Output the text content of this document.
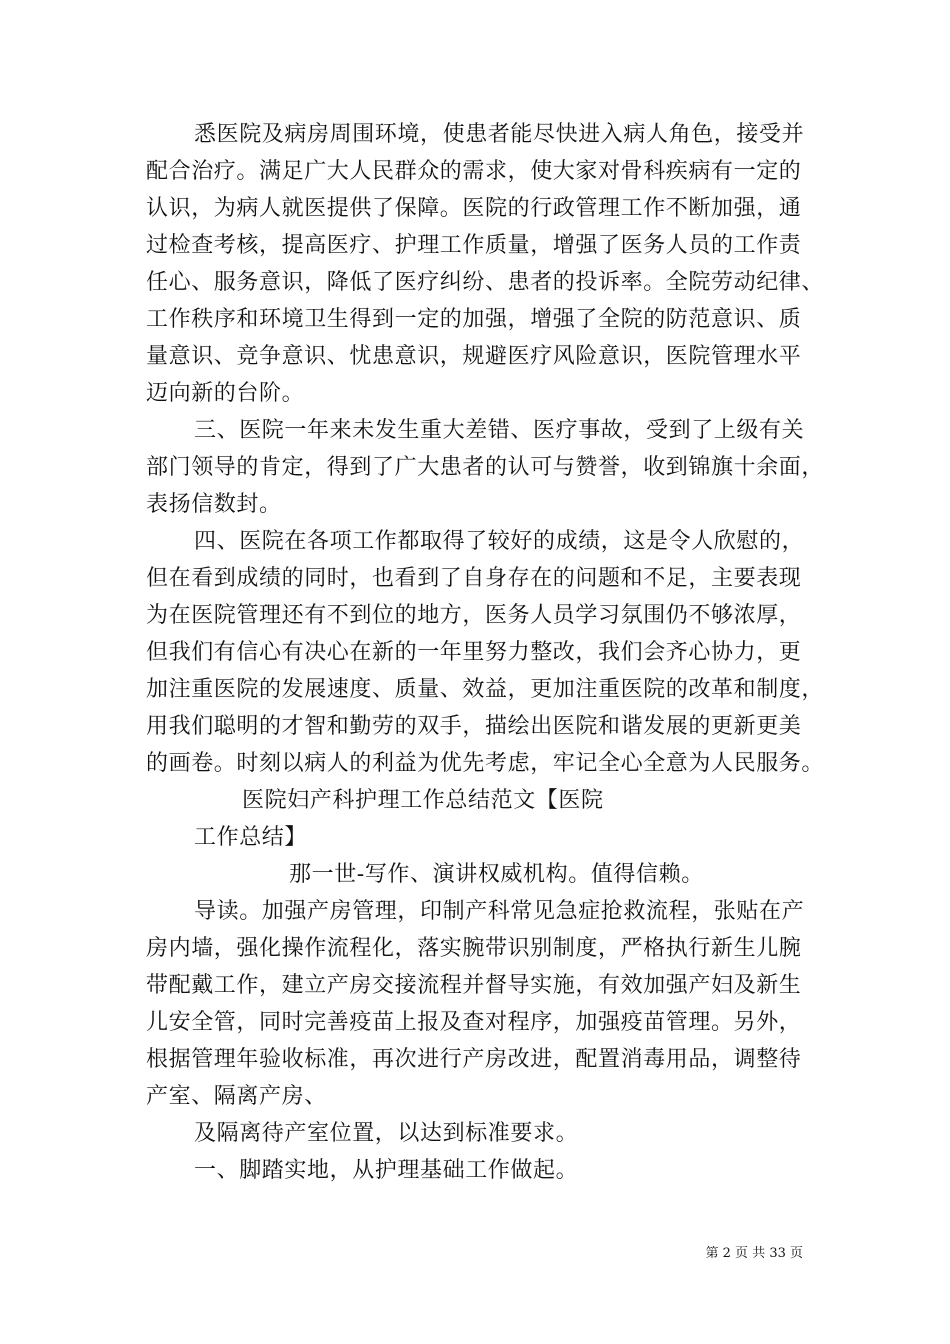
悉医院及病房周围环境，使患者能尽快进入病人角色，接受并
配合治疗。满足广大人民群众的需求，使大家对骨科疾病有一定的
认识，为病人就医提供了保障。医院的行政管理工作不断加强，通
过检查考核，提高医疗、护理工作质量，增强了医务人员的工作责
任心、服务意识，降低了医疗纠纷、患者的投诉率。全院劳动纪律、
工作秩序和环境卫生得到一定的加强，增强了全院的防范意识、质
量意识、竞争意识、忧患意识，规避医疗风险意识，医院管理水平
迈向新的台阶。
三、医院一年来未发生重大差错、医疗事故，受到了上级有关
部门领导的肯定，得到了广大患者的认可与赞誉，收到锦旗十余面，
表扬信数封。
四、医院在各项工作都取得了较好的成绩，这是令人欣慰的，
但在看到成绩的同时，也看到了自身存在的问题和不足，主要表现
为在医院管理还有不到位的地方，医务人员学习氛围仍不够浓厚，
但我们有信心有决心在新的一年里努力整改，我们会齐心协力，更
加注重医院的发展速度、质量、效益，更加注重医院的改革和制度，
用我们聪明的才智和勤劳的双手，描绘出医院和谐发展的更新更美
的画卷。时刻以病人的利益为优先考虑，牢记全心全意为人民服务。
医院妇产科护理工作总结范文【医院
工作总结】
那一世-写作、演讲权威机构。值得信赖。
导读。加强产房管理，印制产科常见急症抢救流程，张贴在产
房内墙，强化操作流程化，落实腕带识别制度，严格执行新生儿腕
带配戴工作，建立产房交接流程并督导实施，有效加强产妇及新生
儿安全管，同时完善疫苗上报及查对程序，加强疫苗管理。另外，
根据管理年验收标准，再次进行产房改进，配置消毒用品，调整待
产室、隔离产房、
及隔离待产室位置，以达到标准要求。
一、脚踏实地，从护理基础工作做起。
第 2 页 共 33 页
